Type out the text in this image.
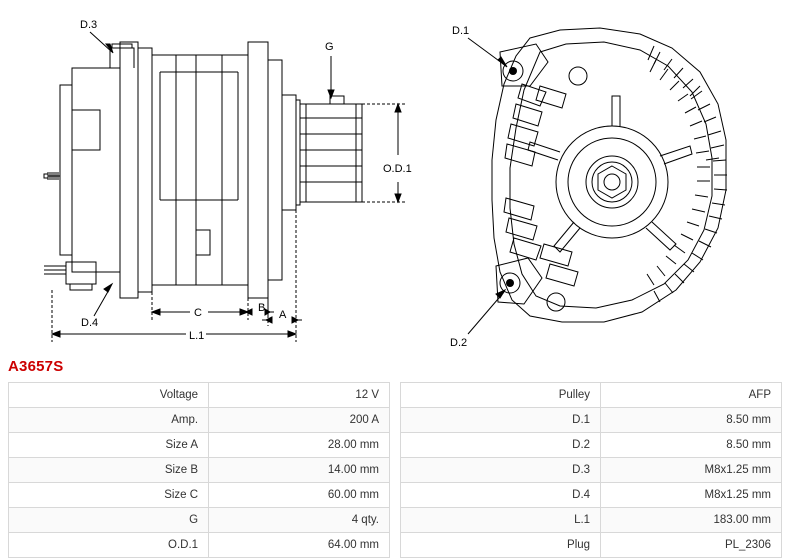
D.3
G
O.D.1
D.4
C	B
A
L.1
D.1
D.2
A3657S
Voltage	12 V
Amp.	200 A
Size A	28.00 mm
Size B	14.00 mm
Size C	60.00 mm
G	4 qty.
O.D.1	64.00 mm
Pulley	AFP
D.1	8.50 mm
D.2	8.50 mm
D.3	M8x1.25 mm
D.4	M8x1.25 mm
L.1	183.00 mm
Plug	PL_2306
